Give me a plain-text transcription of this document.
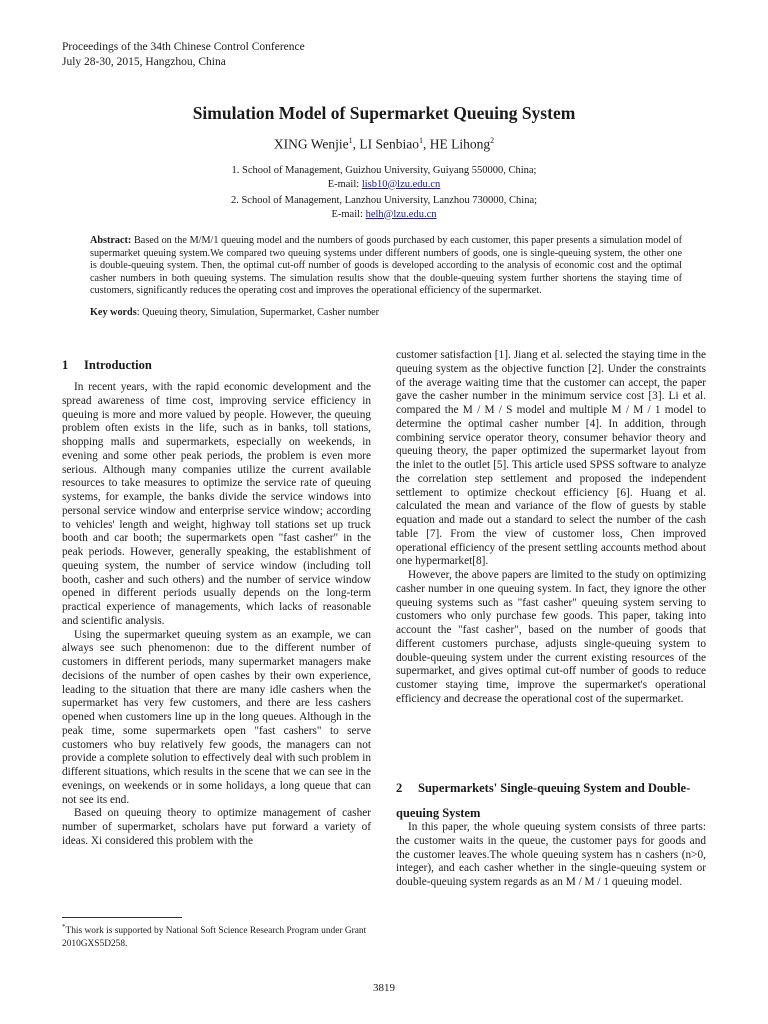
Proceedings of the 34th Chinese Control Conference
July 28-30, 2015, Hangzhou, China
Simulation Model of Supermarket Queuing System
XING Wenjie$^1$, LI Senbiao$^1$, HE Lihong$^2$
1. School of Management, Guizhou University, Guiyang 550000, China;
E-mail: lisb10@lzu.edu.cn
2. School of Management, Lanzhou University, Lanzhou 730000, China;
E-mail: helh@lzu.edu.cn
Abstract: Based on the M/M/1 queuing model and the numbers of goods purchased by each customer, this paper presents a simulation model of supermarket queuing system.We compared two queuing systems under different numbers of goods, one is single-queuing system, the other one is double-queuing system. Then, the optimal cut-off number of goods is developed according to the analysis of economic cost and the optimal casher numbers in both queuing systems. The simulation results show that the double-queuing system further shortens the staying time of customers, significantly reduces the operating cost and improves the operational efficiency of the supermarket.
Key words: Queuing theory, Simulation, Supermarket, Casher number
1 Introduction

In recent years, with the rapid economic development and the spread awareness of time cost, improving service efficiency in queuing is more and more valued by people. However, the queuing problem often exists in the life, such as in banks, toll stations, shopping malls and supermarkets, especially on weekends, in evening and some other peak periods, the problem is even more serious. Although many companies utilize the current available resources to take measures to optimize the service rate of queuing systems, for example, the banks divide the service windows into personal service window and enterprise service window; according to vehicles' length and weight, highway toll stations set up truck booth and car booth; the supermarkets open "fast casher" in the peak periods. However, generally speaking, the establishment of queuing system, the number of service window (including toll booth, casher and such others) and the number of service window opened in different periods usually depends on the long-term practical experience of managements, which lacks of reasonable and scientific analysis.

Using the supermarket queuing system as an example, we can always see such phenomenon: due to the different number of customers in different periods, many supermarket managers make decisions of the number of open cashes by their own experience, leading to the situation that there are many idle cashers when the supermarket has very few customers, and there are less cashers opened when customers line up in the long queues. Although in the peak time, some supermarkets open "fast cashers" to serve customers who buy relatively few goods, the managers can not provide a complete solution to effectively deal with such problem in different situations, which results in the scene that we can see in the evenings, on weekends or in some holidays, a long queue that can not see its end.

Based on queuing theory to optimize management of casher number of supermarket, scholars have put forward a variety of ideas. Xi considered this problem with the

customer satisfaction [1]. Jiang et al. selected the staying time in the queuing system as the objective function [2]. Under the constraints of the average waiting time that the customer can accept, the paper gave the casher number in the minimum service cost [3]. Li et al. compared the M / M / S model and multiple M / M / 1 model to determine the optimal casher number [4]. In addition, through combining service operator theory, consumer behavior theory and queuing theory, the paper optimized the supermarket layout from the inlet to the outlet [5]. This article used SPSS software to analyze the correlation step settlement and proposed the independent settlement to optimize checkout efficiency [6]. Huang et al. calculated the mean and variance of the flow of guests by stable equation and made out a standard to select the number of the cash table [7]. From the view of customer loss, Chen improved operational efficiency of the present settling accounts method about one hypermarket[8].

However, the above papers are limited to the study on optimizing casher number in one queuing system. In fact, they ignore the other queuing systems such as "fast casher" queuing system serving to customers who only purchase few goods. This paper, taking into account the "fast casher", based on the number of goods that different customers purchase, adjusts single-queuing system to double-queuing system under the current existing resources of the supermarket, and gives optimal cut-off number of goods to reduce customer staying time, improve the supermarket's operational efficiency and decrease the operational cost of the supermarket.

2 Supermarkets' Single-queuing System and Double-queuing System

In this paper, the whole queuing system consists of three parts: the customer waits in the queue, the customer pays for goods and the customer leaves.The whole queuing system has n cashers (n>0, integer), and each casher whether in the single-queuing system or double-queuing system regards as an M / M / 1 queuing model.

*This work is supported by National Soft Science Research Program under Grant 2010GXS5D258.
3819
